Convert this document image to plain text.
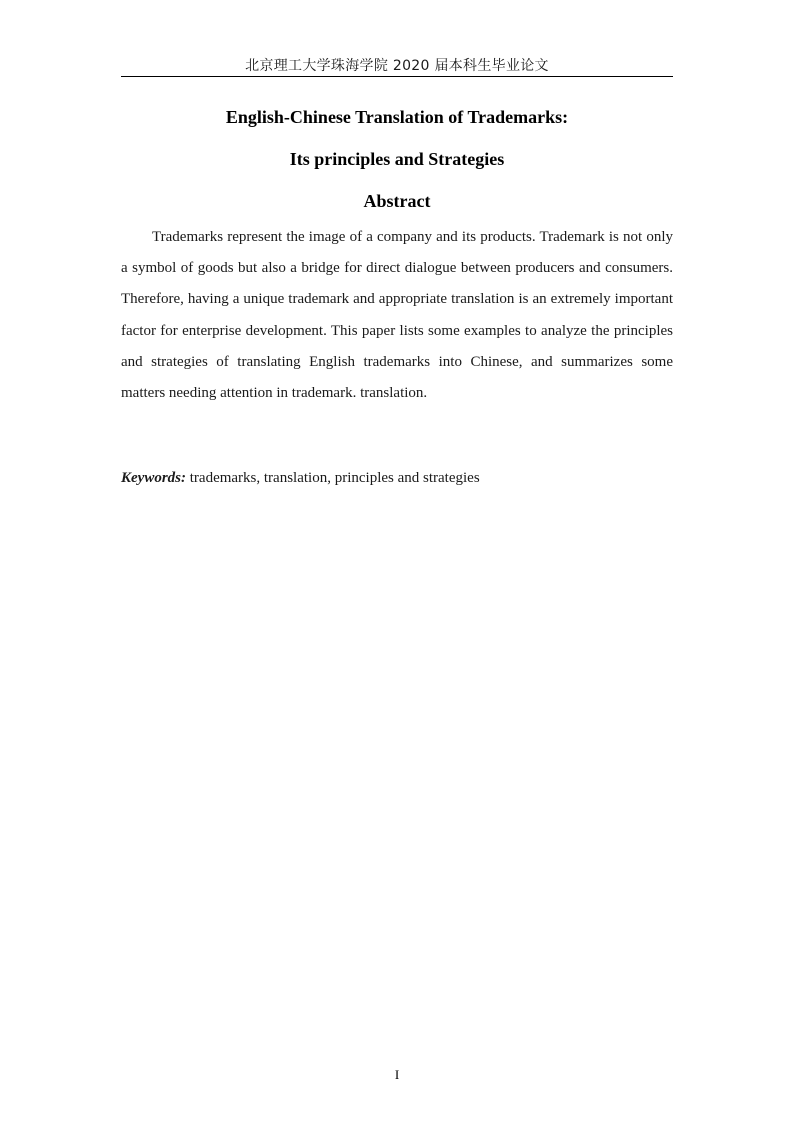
北京理工大学珠海学院 2020 届本科生毕业论文
English-Chinese Translation of Trademarks:
Its principles and Strategies
Abstract

Trademarks represent the image of a company and its products. Trademark is not only a symbol of goods but also a bridge for direct dialogue between producers and consumers. Therefore, having a unique trademark and appropriate translation is an extremely important factor for enterprise development. This paper lists some examples to analyze the principles and strategies of translating English trademarks into Chinese, and summarizes some matters needing attention in trademark. translation.

Keywords: trademarks, translation, principles and strategies
I
